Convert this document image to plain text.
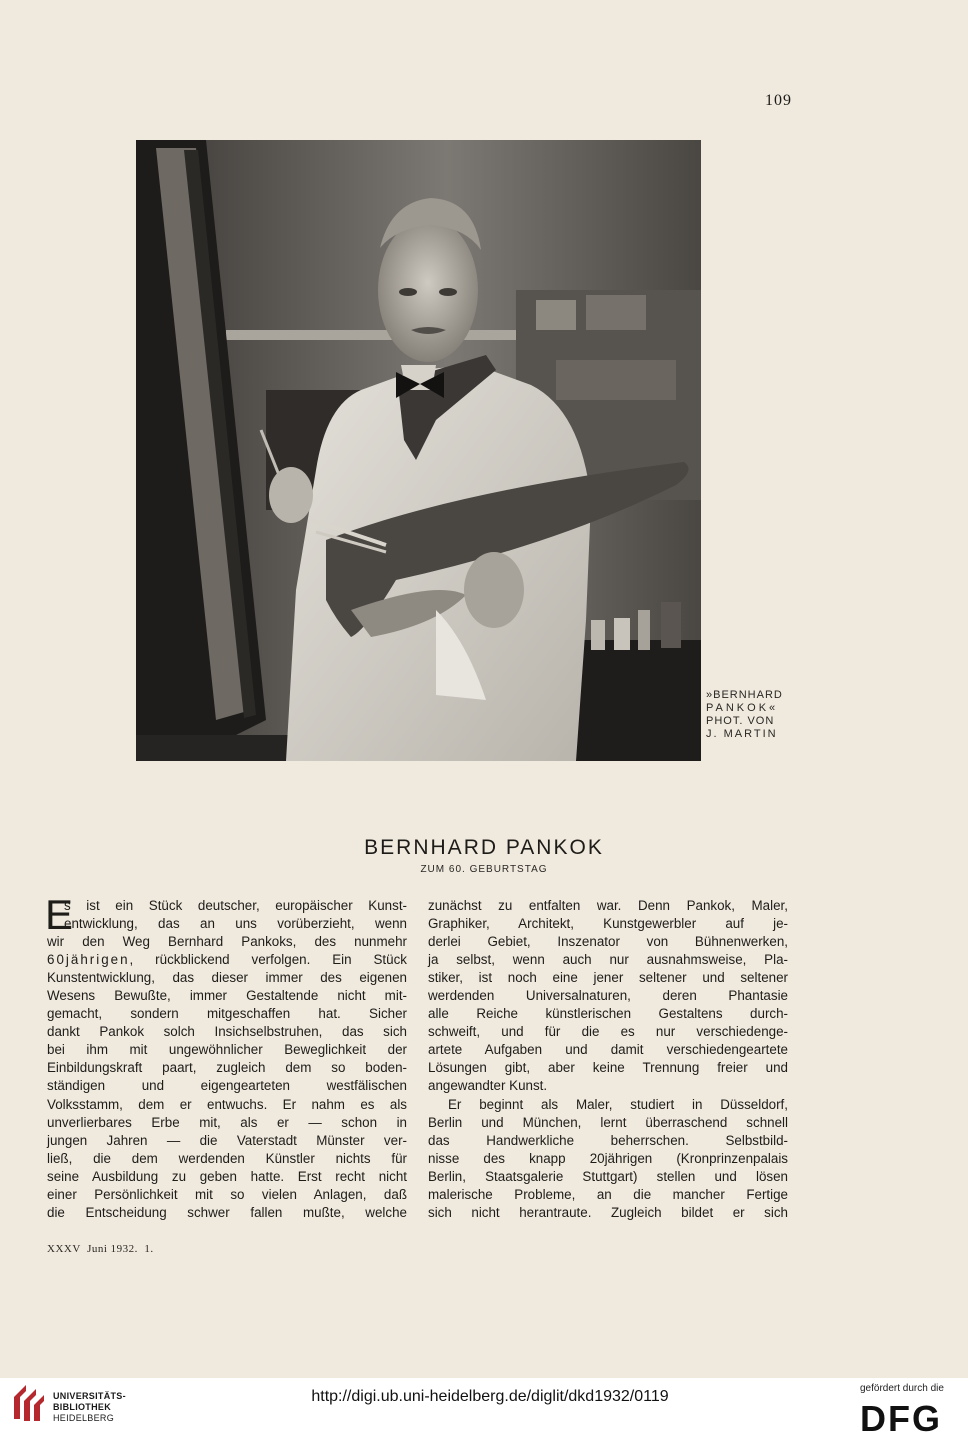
109
»BERNHARD
PANKOK«
PHOT. VON
J. MARTIN
BERNHARD PANKOK
ZUM 60. GEBURTSTAG
E
s ist ein Stück deutscher, europäischer Kunst-
entwicklung, das an uns vorüberzieht, wenn
wir den Weg Bernhard Pankoks, des nunmehr
60jährigen, rückblickend verfolgen. Ein Stück
Kunstentwicklung, das dieser immer des eigenen
Wesens Bewußte, immer Gestaltende nicht mit-
gemacht, sondern mitgeschaffen hat. Sicher
dankt Pankok solch Insichselbstruhen, das sich
bei ihm mit ungewöhnlicher Beweglichkeit der
Einbildungskraft paart, zugleich dem so boden-
ständigen und eigengearteten westfälischen
Volksstamm, dem er entwuchs. Er nahm es als
unverlierbares Erbe mit, als er — schon in
jungen Jahren — die Vaterstadt Münster ver-
ließ, die dem werdenden Künstler nichts für
seine Ausbildung zu geben hatte. Erst recht nicht
einer Persönlichkeit mit so vielen Anlagen, daß
die Entscheidung schwer fallen mußte, welche
zunächst zu entfalten war. Denn Pankok, Maler,
Graphiker, Architekt, Kunstgewerbler auf je-
derlei Gebiet, Inszenator von Bühnenwerken,
ja selbst, wenn auch nur ausnahmsweise, Pla-
stiker, ist noch eine jener seltener und seltener
werdenden Universalnaturen, deren Phantasie
alle Reiche künstlerischen Gestaltens durch-
schweift, und für die es nur verschiedenge-
artete Aufgaben und damit verschiedengeartete
Lösungen gibt, aber keine Trennung freier und
angewandter Kunst.
Er beginnt als Maler, studiert in Düsseldorf,
Berlin und München, lernt überraschend schnell
das Handwerkliche beherrschen. Selbstbild-
nisse des knapp 20jährigen (Kronprinzenpalais
Berlin, Staatsgalerie Stuttgart) stellen und lösen
malerische Probleme, an die mancher Fertige
sich nicht herantraute. Zugleich bildet er sich
XXXV  Juni 1932.  1.
UNIVERSITÄTS-
BIBLIOTHEK
HEIDELBERG
http://digi.ub.uni-heidelberg.de/diglit/dkd1932/0119	gefördert durch die
DFG
